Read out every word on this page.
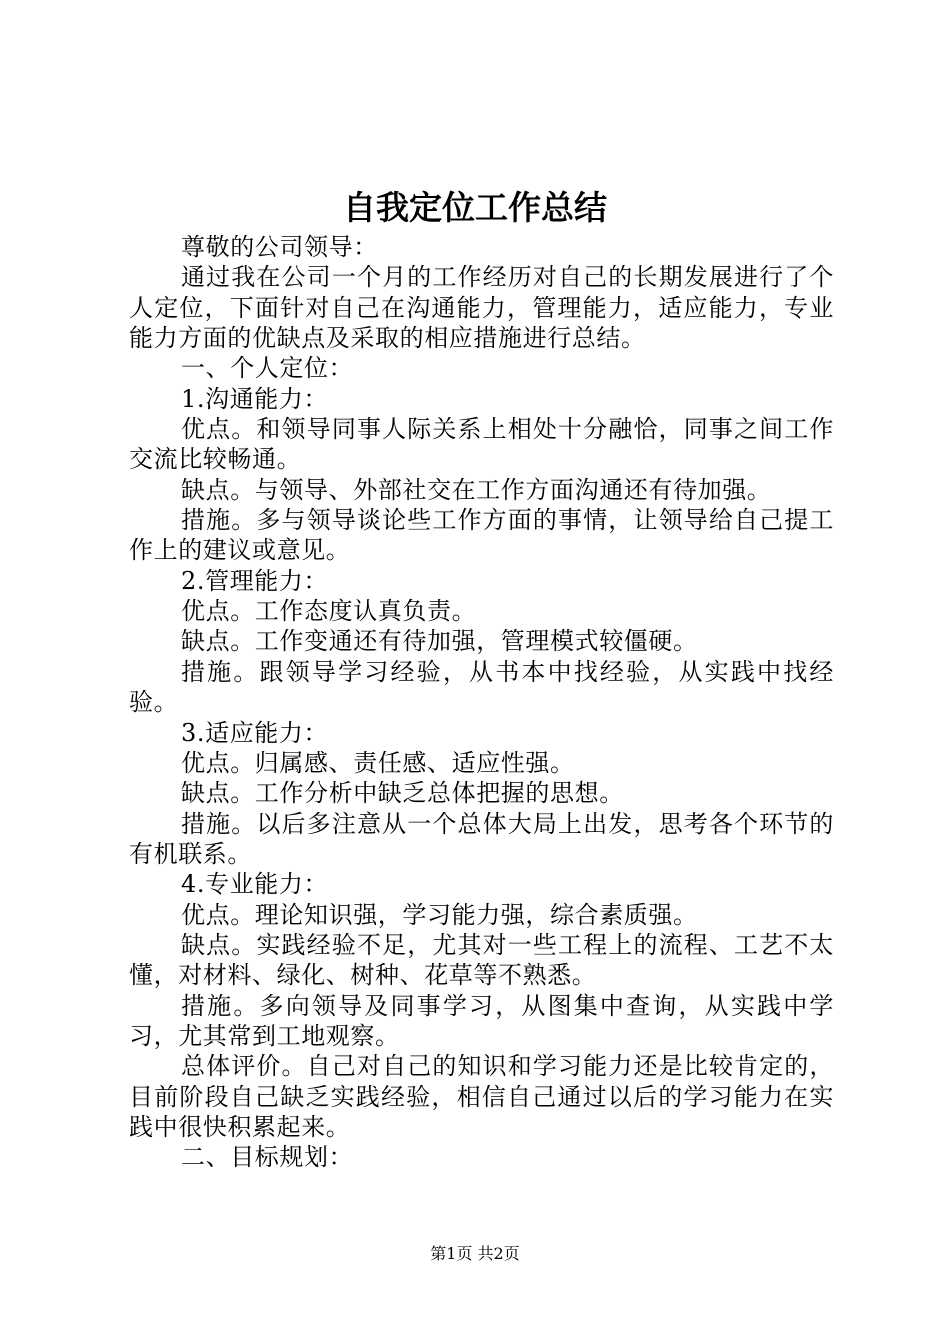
自我定位工作总结

尊敬的公司领导：

通过我在公司一个月的工作经历对自己的长期发展进行了个人定位，下面针对自己在沟通能力，管理能力，适应能力，专业能力方面的优缺点及采取的相应措施进行总结。

一、个人定位：

1.沟通能力：

优点。和领导同事人际关系上相处十分融恰，同事之间工作交流比较畅通。

缺点。与领导、外部社交在工作方面沟通还有待加强。

措施。多与领导谈论些工作方面的事情，让领导给自己提工作上的建议或意见。

2.管理能力：

优点。工作态度认真负责。

缺点。工作变通还有待加强，管理模式较僵硬。

措施。跟领导学习经验，从书本中找经验，从实践中找经验。

3.适应能力：

优点。归属感、责任感、适应性强。

缺点。工作分析中缺乏总体把握的思想。

措施。以后多注意从一个总体大局上出发，思考各个环节的有机联系。

4.专业能力：

优点。理论知识强，学习能力强，综合素质强。

缺点。实践经验不足，尤其对一些工程上的流程、工艺不太懂，对材料、绿化、树种、花草等不熟悉。

措施。多向领导及同事学习，从图集中查询，从实践中学习，尤其常到工地观察。

总体评价。自己对自己的知识和学习能力还是比较肯定的，目前阶段自己缺乏实践经验，相信自己通过以后的学习能力在实践中很快积累起来。

二、目标规划：

第1页 共2页
